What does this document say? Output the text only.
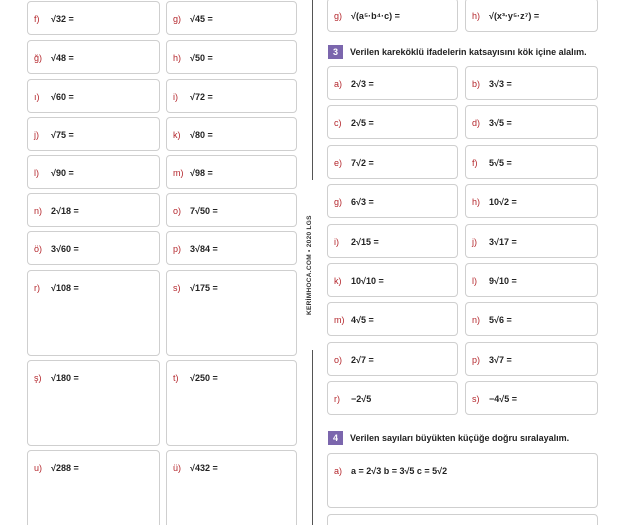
f)	√32 =	g) √45 =
ğ) √48 =	h) √50 =
ı)	√60 =	i)	√72 =
j)	√75 =	k)	√80 =
l)	√90 =	m) √98 =
n) 2√18 =	o) 7√50 =
ö) 3√60 =	p) 3√84 =
r)	√108 =	s)	√175 =
ş)	√180 =	t)	√250 =
u) √288 =	ü) √432 =
g) √(a⁵·b⁴·c) =	h) √(x³·y⁵·z⁷) =
3	Verilen kareköklü ifadelerin katsayısını kök içine alalım.
a) 2√3 =	b) 3√3 =
c)	2√5 =	d) 3√5 =
e) 7√2 =	f)	5√5 =
g) 6√3 =	h) 10√2 =
i)	2√15 =	j)	3√17 =
k)	10√10 =	l)	9√10 =
m) 4√5 =	n) 5√6 =
o) 2√7 =	p) 3√7 =
r)	−2√5	s)	−4√5 =
4	Verilen sayıları büyükten küçüğe doğru sıralayalım.
a) a = 2√3 b = 3√5 c = 5√2
KERİMHOCA.COM • 2020 LGS
